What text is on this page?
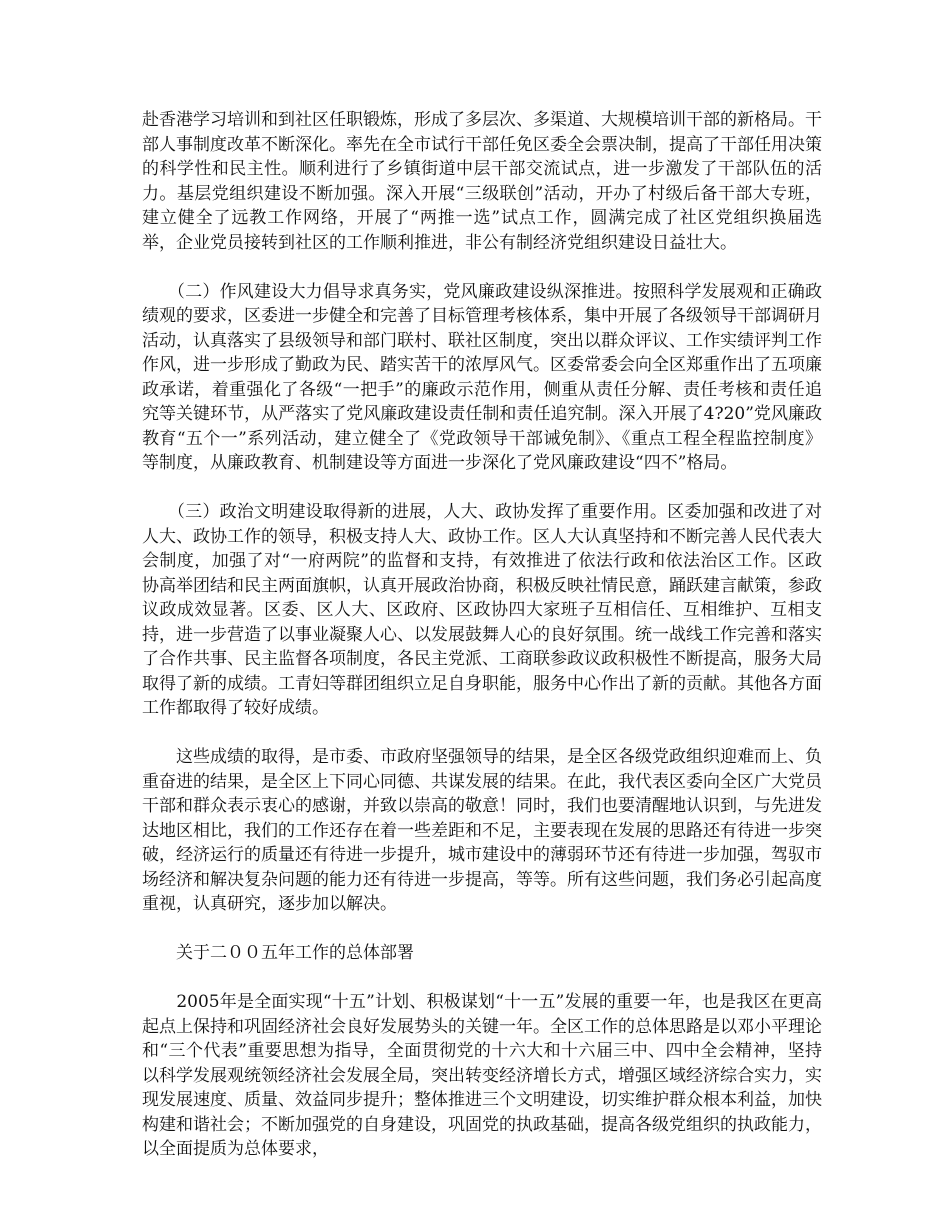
赴香港学习培训和到社区任职锻炼，形成了多层次、多渠道、大规模培训干部的新格局。干部人事制度改革不断深化。率先在全市试行干部任免区委全会票决制，提高了干部任用决策的科学性和民主性。顺利进行了乡镇街道中层干部交流试点，进一步激发了干部队伍的活力。基层党组织建设不断加强。深入开展“三级联创”活动，开办了村级后备干部大专班，建立健全了远教工作网络，开展了“两推一选”试点工作，圆满完成了社区党组织换届选举，企业党员接转到社区的工作顺利推进，非公有制经济党组织建设日益壮大。

　　（二）作风建设大力倡导求真务实，党风廉政建设纵深推进。按照科学发展观和正确政绩观的要求，区委进一步健全和完善了目标管理考核体系，集中开展了各级领导干部调研月活动，认真落实了县级领导和部门联村、联社区制度，突出以群众评议、工作实绩评判工作作风，进一步形成了勤政为民、踏实苦干的浓厚风气。区委常委会向全区郑重作出了五项廉政承诺，着重强化了各级“一把手”的廉政示范作用，侧重从责任分解、责任考核和责任追究等关键环节，从严落实了党风廉政建设责任制和责任追究制。深入开展了4?20”党风廉政教育“五个一”系列活动，建立健全了《党政领导干部诫免制》、《重点工程全程监控制度》等制度，从廉政教育、机制建设等方面进一步深化了党风廉政建设“四不”格局。

　　（三）政治文明建设取得新的进展，人大、政协发挥了重要作用。区委加强和改进了对人大、政协工作的领导，积极支持人大、政协工作。区人大认真坚持和不断完善人民代表大会制度，加强了对“一府两院”的监督和支持，有效推进了依法行政和依法治区工作。区政协高举团结和民主两面旗帜，认真开展政治协商，积极反映社情民意，踊跃建言献策，参政议政成效显著。区委、区人大、区政府、区政协四大家班子互相信任、互相维护、互相支持，进一步营造了以事业凝聚人心、以发展鼓舞人心的良好氛围。统一战线工作完善和落实了合作共事、民主监督各项制度，各民主党派、工商联参政议政积极性不断提高，服务大局取得了新的成绩。工青妇等群团组织立足自身职能，服务中心作出了新的贡献。其他各方面工作都取得了较好成绩。

　　这些成绩的取得，是市委、市政府坚强领导的结果，是全区各级党政组织迎难而上、负重奋进的结果，是全区上下同心同德、共谋发展的结果。在此，我代表区委向全区广大党员干部和群众表示衷心的感谢，并致以崇高的敬意！同时，我们也要清醒地认识到，与先进发达地区相比，我们的工作还存在着一些差距和不足，主要表现在发展的思路还有待进一步突破，经济运行的质量还有待进一步提升，城市建设中的薄弱环节还有待进一步加强，驾驭市场经济和解决复杂问题的能力还有待进一步提高，等等。所有这些问题，我们务必引起高度重视，认真研究，逐步加以解决。

　　关于二００五年工作的总体部署

　　2005年是全面实现“十五”计划、积极谋划“十一五”发展的重要一年，也是我区在更高起点上保持和巩固经济社会良好发展势头的关键一年。全区工作的总体思路是以邓小平理论和“三个代表”重要思想为指导，全面贯彻党的十六大和十六届三中、四中全会精神，坚持以科学发展观统领经济社会发展全局，突出转变经济增长方式，增强区域经济综合实力，实现发展速度、质量、效益同步提升；整体推进三个文明建设，切实维护群众根本利益，加快构建和谐社会；不断加强党的自身建设，巩固党的执政基础，提高各级党组织的执政能力，以全面提质为总体要求，
